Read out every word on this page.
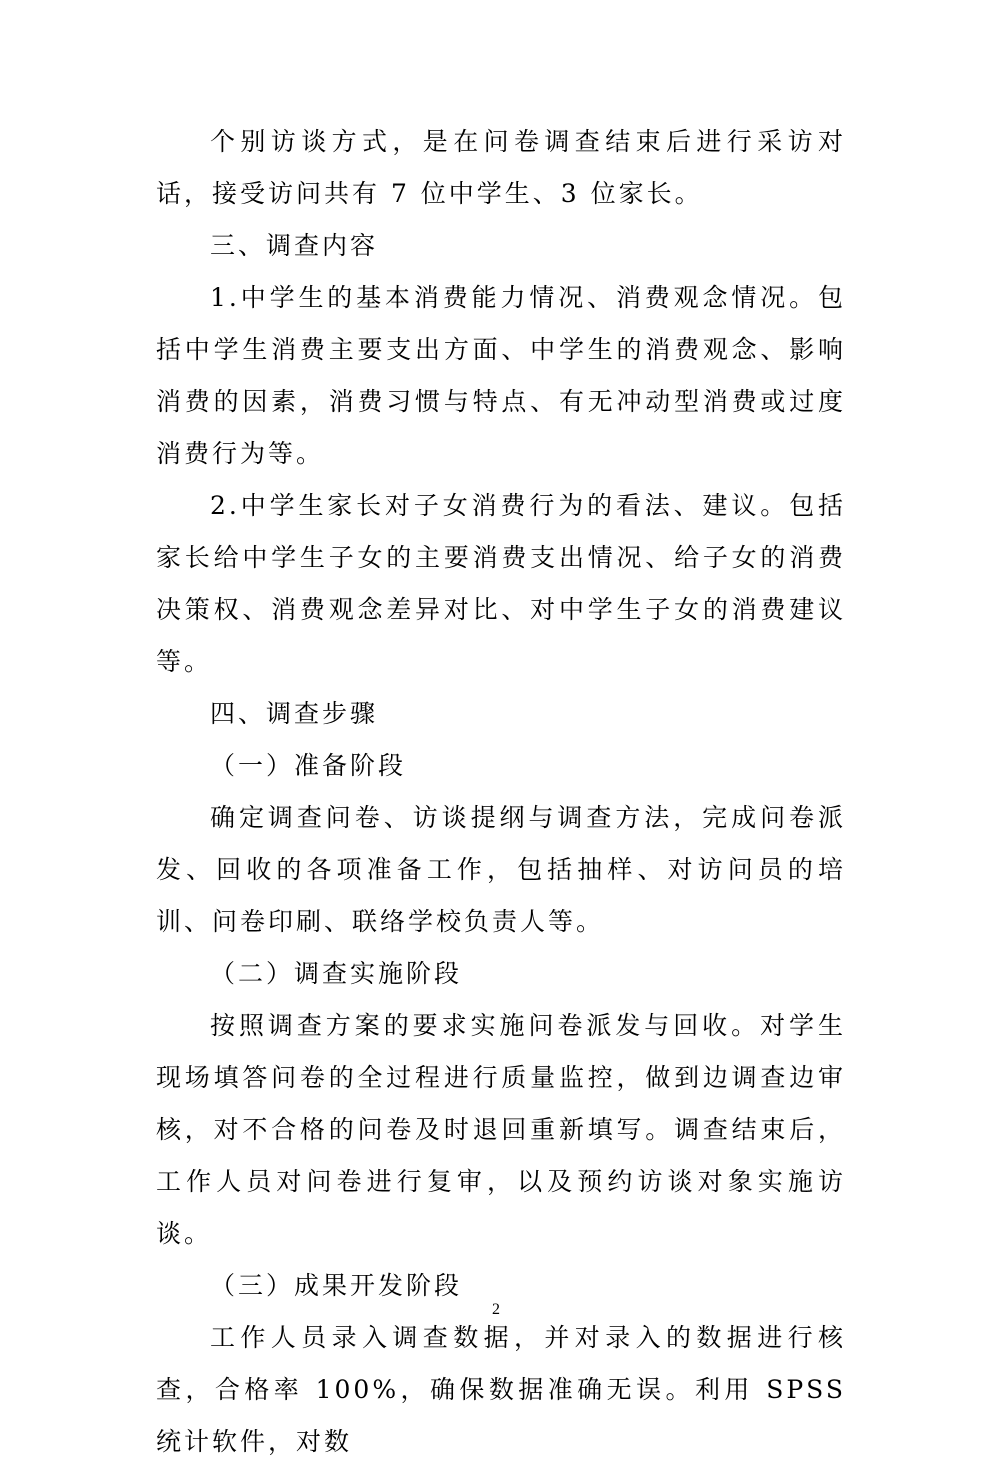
个别访谈方式，是在问卷调查结束后进行采访对话，接受访问共有 7 位中学生、3 位家长。

三、调查内容

1.中学生的基本消费能力情况、消费观念情况。包括中学生消费主要支出方面、中学生的消费观念、影响消费的因素，消费习惯与特点、有无冲动型消费或过度消费行为等。

2.中学生家长对子女消费行为的看法、建议。包括家长给中学生子女的主要消费支出情况、给子女的消费决策权、消费观念差异对比、对中学生子女的消费建议等。

四、调查步骤

（一）准备阶段

确定调查问卷、访谈提纲与调查方法，完成问卷派发、回收的各项准备工作，包括抽样、对访问员的培训、问卷印刷、联络学校负责人等。

（二）调查实施阶段

按照调查方案的要求实施问卷派发与回收。对学生现场填答问卷的全过程进行质量监控，做到边调查边审核，对不合格的问卷及时退回重新填写。调查结束后，工作人员对问卷进行复审，以及预约访谈对象实施访谈。

（三）成果开发阶段

工作人员录入调查数据，并对录入的数据进行核查，合格率 100%，确保数据准确无误。利用 SPSS 统计软件，对数

2
